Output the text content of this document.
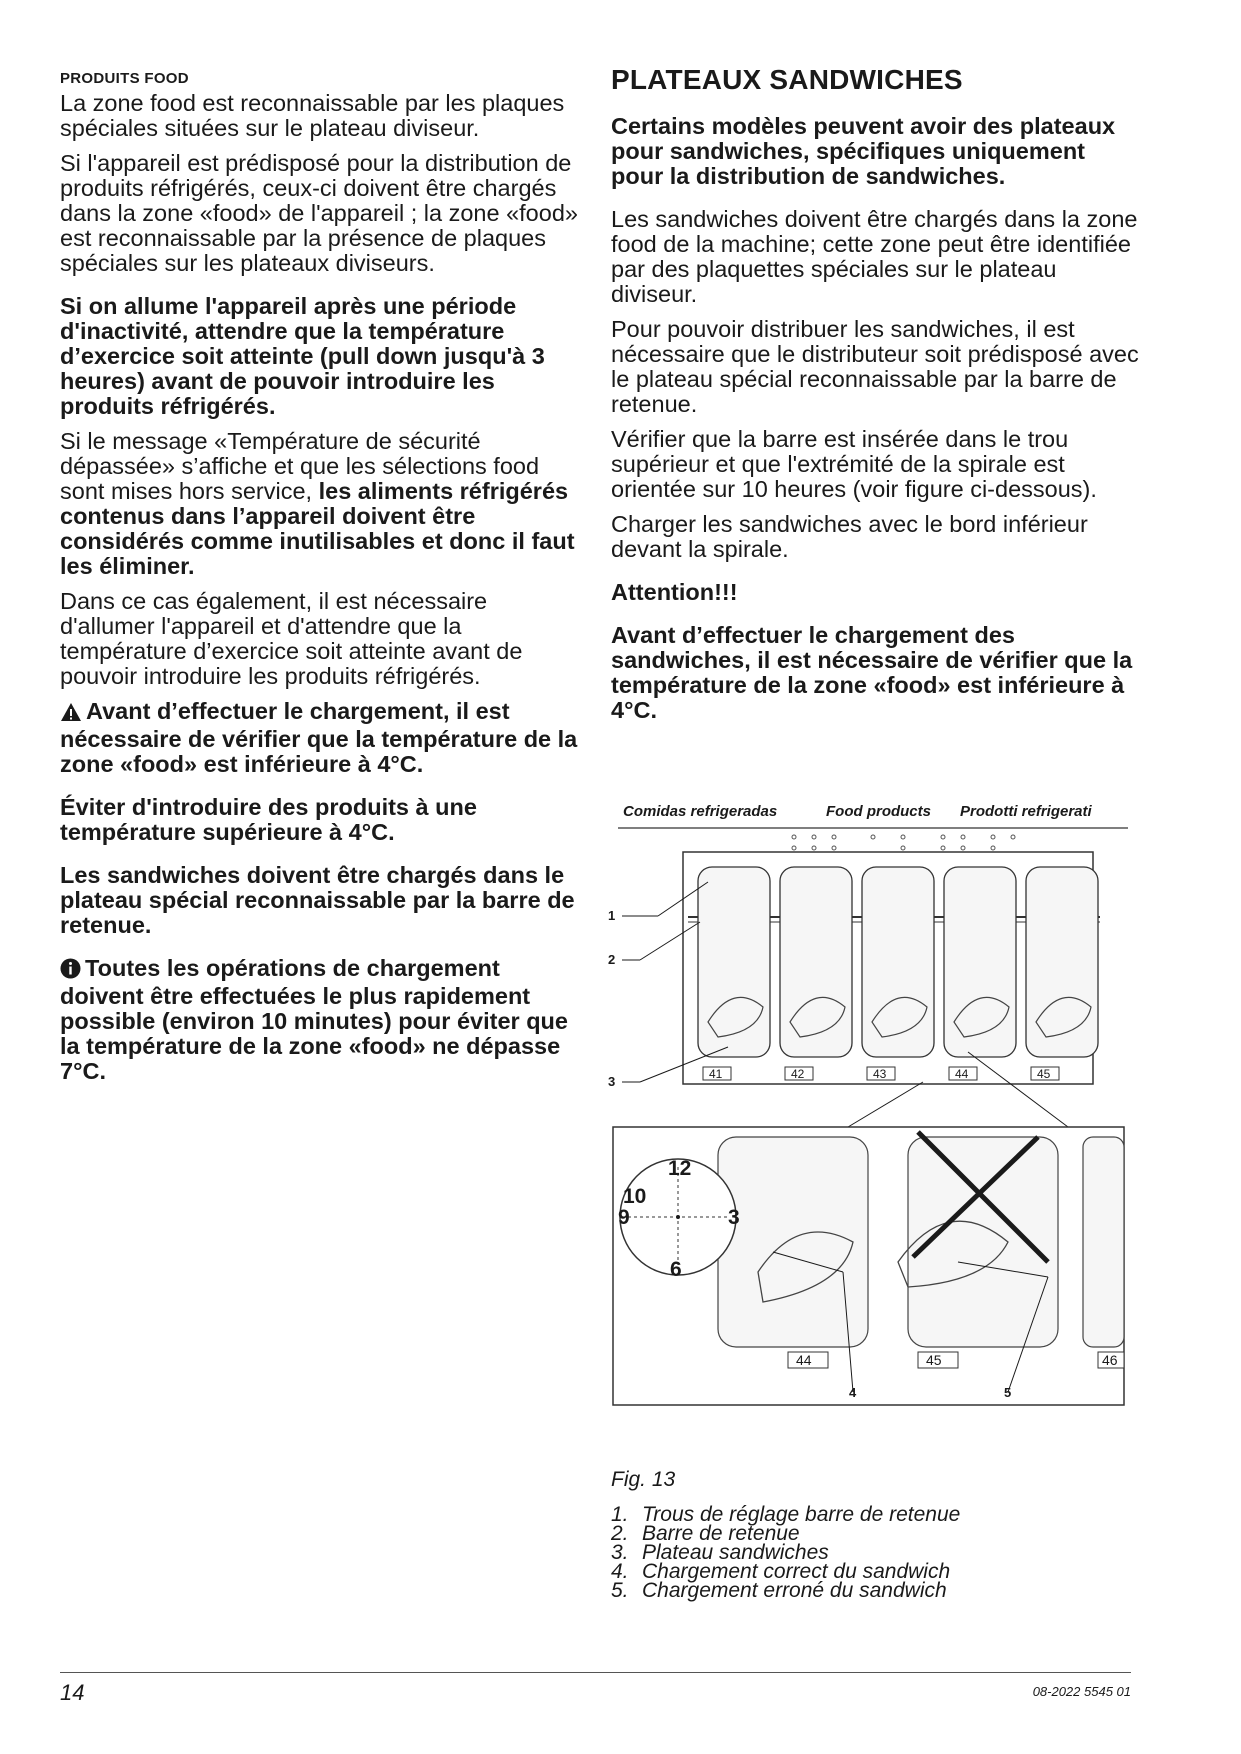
PRODUITS FOOD

La zone food est reconnaissable par les plaques spéciales situées sur le plateau diviseur.

Si l'appareil est prédisposé pour la distribution de produits réfrigérés, ceux-ci doivent être chargés dans la zone «food» de l'appareil ; la zone «food» est reconnaissable par la présence de plaques spéciales sur les plateaux diviseurs.

Si on allume l'appareil après une période d'inactivité, attendre que la température d’exercice soit atteinte (pull down jusqu'à 3 heures) avant de pouvoir introduire les produits réfrigérés.

Si le message «Température de sécurité dépassée» s’affiche et que les sélections food sont mises hors service, les aliments réfrigérés contenus dans l’appareil doivent être considérés comme inutilisables et donc il faut les éliminer.

Dans ce cas également, il est nécessaire d'allumer l'appareil et d'attendre que la température d’exercice soit atteinte avant de pouvoir introduire les produits réfrigérés.

Avant d’effectuer le chargement, il est nécessaire de vérifier que la température de la zone «food» est inférieure à 4°C.

Éviter d'introduire des produits à une température supérieure à 4°C.

Les sandwiches doivent être chargés dans le plateau spécial reconnaissable par la barre de retenue.

Toutes les opérations de chargement doivent être effectuées le plus rapidement possible (environ 10 minutes) pour éviter que la température de la zone «food» ne dépasse 7°C.

PLATEAUX SANDWICHES

Certains modèles peuvent avoir des plateaux pour sandwiches, spécifiques uniquement pour la distribution de sandwiches.

Les sandwiches doivent être chargés dans la zone food de la machine; cette zone peut être identifiée par des plaquettes spéciales sur le plateau diviseur.

Pour pouvoir distribuer les sandwiches, il est nécessaire que le distributeur soit prédisposé avec le plateau spécial reconnaissable par la barre de retenue.

Vérifier que la barre est insérée dans le trou supérieur et que l'extrémité de la spirale est orientée sur 10 heures (voir figure ci-dessous).

Charger les sandwiches avec le bord inférieur devant la spirale.

Attention!!!

Avant d’effectuer le chargement des sandwiches, il est nécessaire de vérifier que la température de la zone «food» est inférieure à 4°C.

Comidas refrigeradas	Food products Prodotti refrigerati
41	42	43	44	45
1
2
3
44	45	46
12
10
9	3
6
4	5
Fig. 13
1. Trous de réglage barre de retenue
2. Barre de retenue
3. Plateau sandwiches
4. Chargement correct du sandwich
5. Chargement erroné du sandwich
14	08-2022 5545 01
